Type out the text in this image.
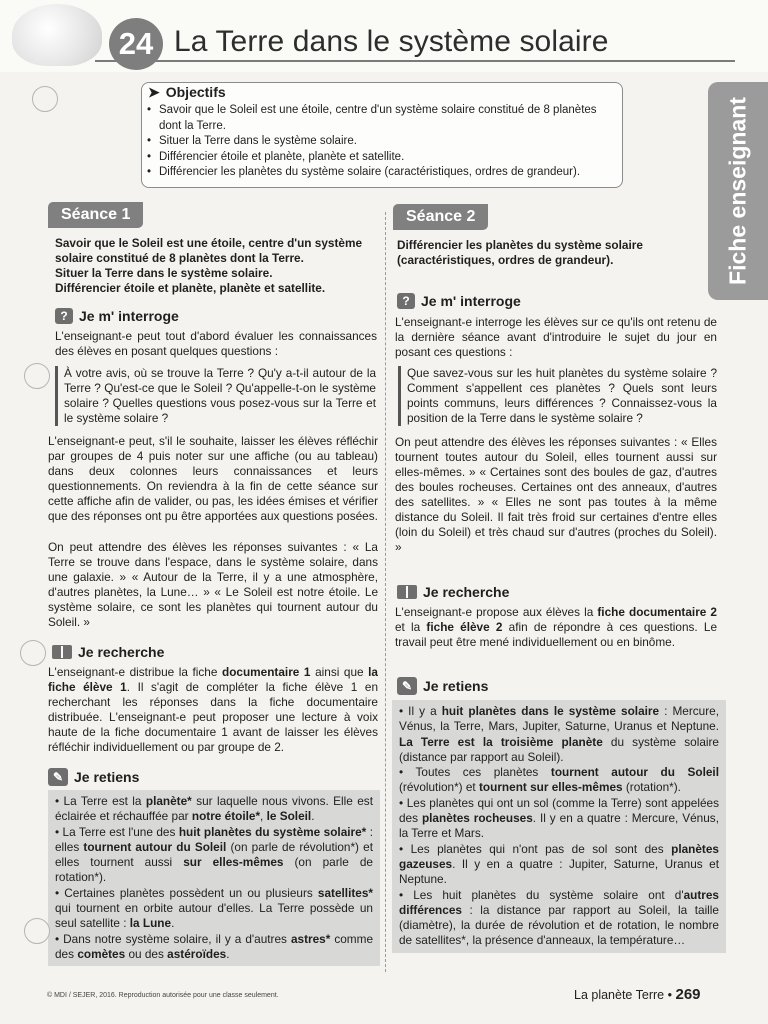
24 La Terre dans le système solaire
Fiche enseignant
➤ Objectifs
• Savoir que le Soleil est une étoile, centre d'un système solaire constitué de 8 planètes dont la Terre.
• Situer la Terre dans le système solaire.
• Différencier étoile et planète, planète et satellite.
• Différencier les planètes du système solaire (caractéristiques, ordres de grandeur).
Séance 1
Savoir que le Soleil est une étoile, centre d'un système solaire constitué de 8 planètes dont la Terre.
Situer la Terre dans le système solaire.
Différencier étoile et planète, planète et satellite.
? Je m' interroge
L'enseignant-e peut tout d'abord évaluer les connaissances des élèves en posant quelques questions :
À votre avis, où se trouve la Terre ? Qu'y a-t-il autour de la Terre ? Qu'est-ce que le Soleil ? Qu'appelle-t-on le système solaire ? Quelles questions vous posez-vous sur la Terre et le système solaire ?
L'enseignant-e peut, s'il le souhaite, laisser les élèves réfléchir par groupes de 4 puis noter sur une affiche (ou au tableau) dans deux colonnes leurs connaissances et leurs questionnements. On reviendra à la fin de cette séance sur cette affiche afin de valider, ou pas, les idées émises et vérifier que des réponses ont pu être apportées aux questions posées.
On peut attendre des élèves les réponses suivantes : « La Terre se trouve dans l'espace, dans le système solaire, dans une galaxie. » « Autour de la Terre, il y a une atmosphère, d'autres planètes, la Lune… » « Le Soleil est notre étoile. Le système solaire, ce sont les planètes qui tournent autour du Soleil. »
Je recherche
L'enseignant-e distribue la fiche documentaire 1 ainsi que la fiche élève 1. Il s'agit de compléter la fiche élève 1 en recherchant les réponses dans la fiche documentaire distribuée. L'enseignant-e peut proposer une lecture à voix haute de la fiche documentaire 1 avant de laisser les élèves réfléchir individuellement ou par groupe de 2.
✎ Je retiens

• La Terre est la planète* sur laquelle nous vivons. Elle est éclairée et réchauffée par notre étoile*, le Soleil.

• La Terre est l'une des huit planètes du système solaire* : elles tournent autour du Soleil (on parle de révolution*) et elles tournent aussi sur elles-mêmes (on parle de rotation*).

• Certaines planètes possèdent un ou plusieurs satellites* qui tournent en orbite autour d'elles. La Terre possède un seul satellite : la Lune.

• Dans notre système solaire, il y a d'autres astres* comme des comètes ou des astéroïdes.

Séance 2
Différencier les planètes du système solaire (caractéristiques, ordres de grandeur).
? Je m' interroge
L'enseignant-e interroge les élèves sur ce qu'ils ont retenu de la dernière séance avant d'introduire le sujet du jour en posant ces questions :
Que savez-vous sur les huit planètes du système solaire ? Comment s'appellent ces planètes ? Quels sont leurs points communs, leurs différences ? Connaissez-vous la position de la Terre dans le système solaire ?
On peut attendre des élèves les réponses suivantes : « Elles tournent toutes autour du Soleil, elles tournent aussi sur elles-mêmes. » « Certaines sont des boules de gaz, d'autres des boules rocheuses. Certaines ont des anneaux, d'autres des satellites. » « Elles ne sont pas toutes à la même distance du Soleil. Il fait très froid sur certaines d'entre elles (loin du Soleil) et très chaud sur d'autres (proches du Soleil). »
Je recherche
L'enseignant-e propose aux élèves la fiche documentaire 2 et la fiche élève 2 afin de répondre à ces questions. Le travail peut être mené individuellement ou en binôme.
✎ Je retiens

• Il y a huit planètes dans le système solaire : Mercure, Vénus, la Terre, Mars, Jupiter, Saturne, Uranus et Neptune. La Terre est la troisième planète du système solaire (distance par rapport au Soleil).

• Toutes ces planètes tournent autour du Soleil (révolution*) et tournent sur elles-mêmes (rotation*).

• Les planètes qui ont un sol (comme la Terre) sont appelées des planètes rocheuses. Il y en a quatre : Mercure, Vénus, la Terre et Mars.

• Les planètes qui n'ont pas de sol sont des planètes gazeuses. Il y en a quatre : Jupiter, Saturne, Uranus et Neptune.

• Les huit planètes du système solaire ont d'autres différences : la distance par rapport au Soleil, la taille (diamètre), la durée de révolution et de rotation, le nombre de satellites*, la présence d'anneaux, la température…

© MDI / SEJER, 2016. Reproduction autorisée pour une classe seulement.	La planète Terre • 269
